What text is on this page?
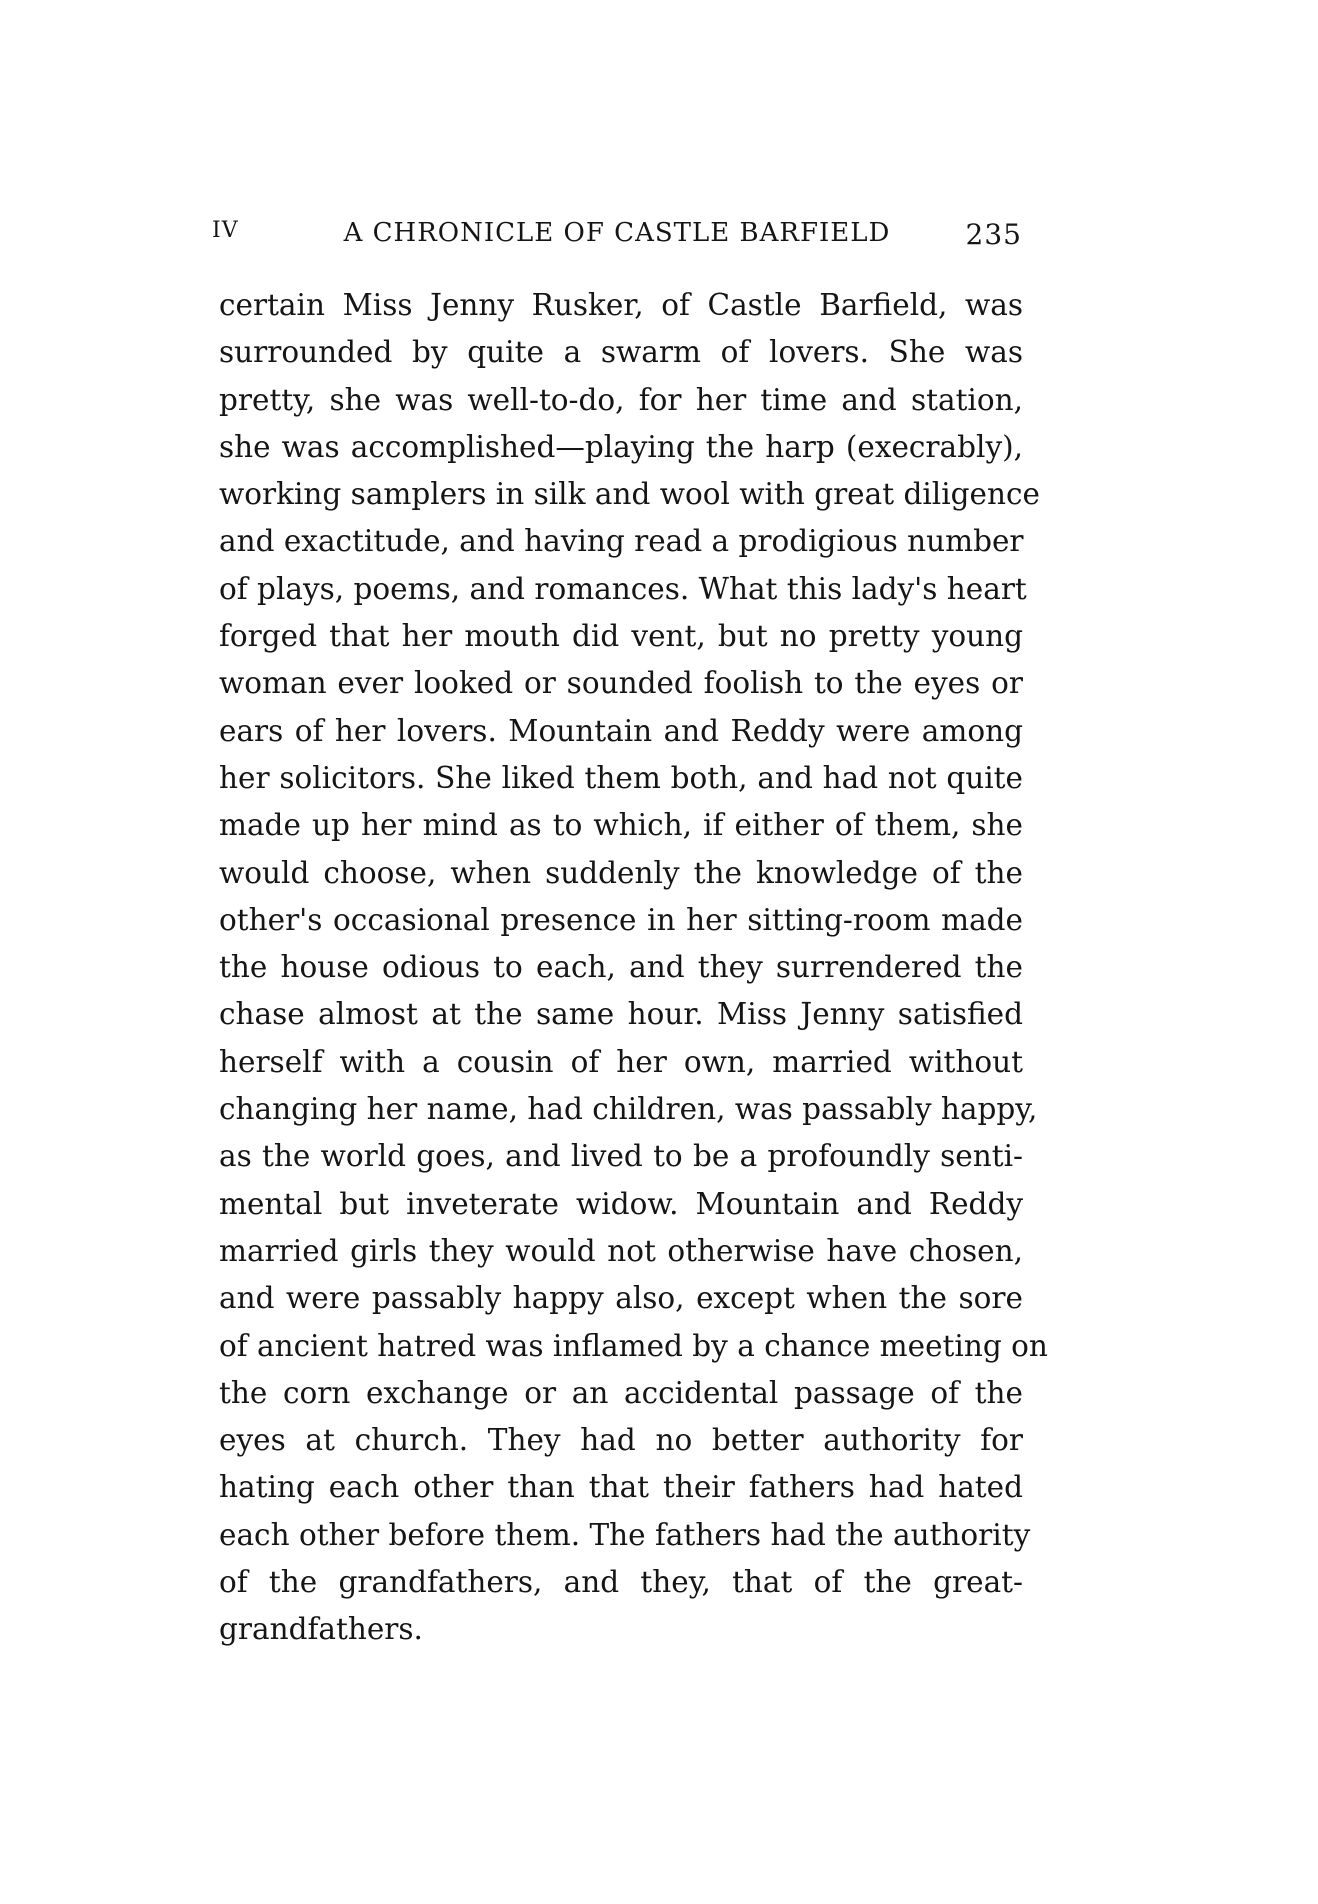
IV	A CHRONICLE OF CASTLE BARFIELD	235
certain Miss Jenny Rusker, of Castle Barfield, was
surrounded by quite a swarm of lovers. She was
pretty, she was well-to-do, for her time and station,
she was accomplished—playing the harp (execrably),
working samplers in silk and wool with great diligence
and exactitude, and having read a prodigious number
of plays, poems, and romances. What this lady's heart
forged that her mouth did vent, but no pretty young
woman ever looked or sounded foolish to the eyes or
ears of her lovers. Mountain and Reddy were among
her solicitors. She liked them both, and had not quite
made up her mind as to which, if either of them, she
would choose, when suddenly the knowledge of the
other's occasional presence in her sitting-room made
the house odious to each, and they surrendered the
chase almost at the same hour. Miss Jenny satisfied
herself with a cousin of her own, married without
changing her name, had children, was passably happy,
as the world goes, and lived to be a profoundly senti-
mental but inveterate widow. Mountain and Reddy
married girls they would not otherwise have chosen,
and were passably happy also, except when the sore
of ancient hatred was inflamed by a chance meeting on
the corn exchange or an accidental passage of the
eyes at church. They had no better authority for
hating each other than that their fathers had hated
each other before them. The fathers had the authority
of the grandfathers, and they, that of the great-
grandfathers.
